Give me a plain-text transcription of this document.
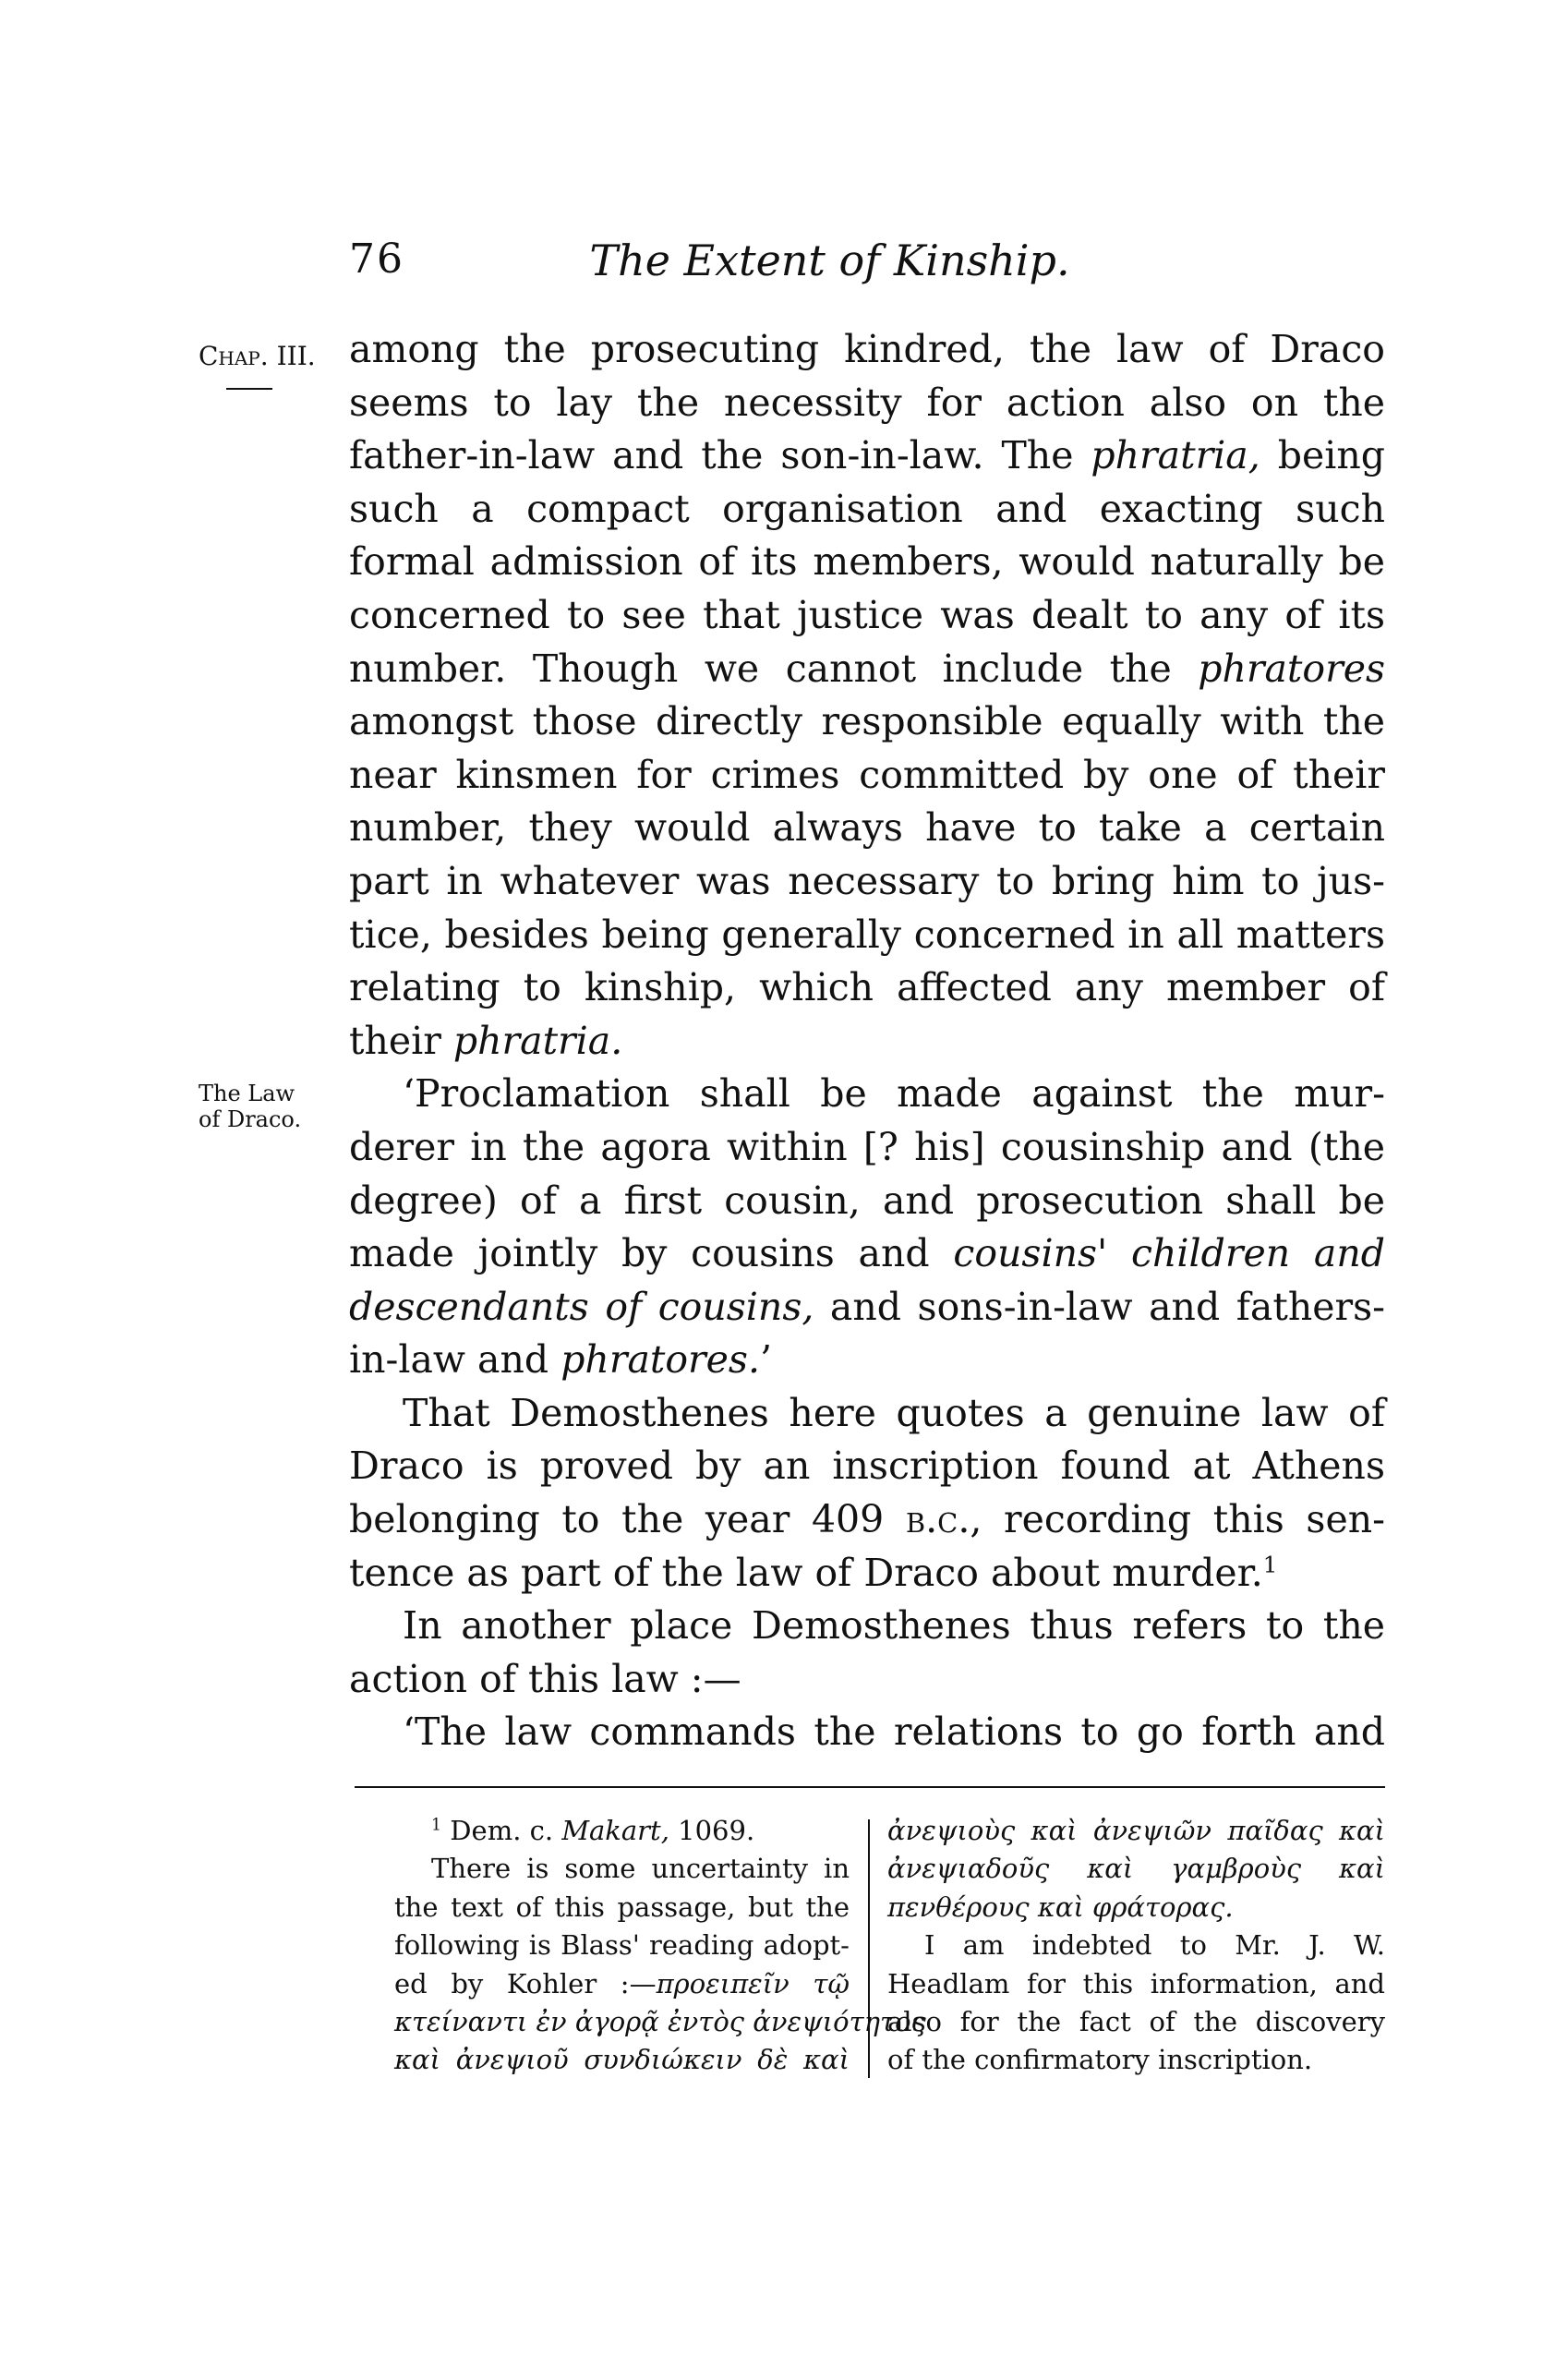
76	The Extent of Kinship.
Chap. III.
The Law
of Draco.
among the prosecuting kindred, the law of Draco
seems to lay the necessity for action also on the
father-in-law and the son-in-law. The phratria, being
such a compact organisation and exacting such
formal admission of its members, would naturally be
concerned to see that justice was dealt to any of its
number. Though we cannot include the phratores
amongst those directly responsible equally with the
near kinsmen for crimes committed by one of their
number, they would always have to take a certain
part in whatever was necessary to bring him to jus-
tice, besides being generally concerned in all matters
relating to kinship, which affected any member of
their phratria.
‘Proclamation shall be made against the mur-
derer in the agora within [? his] cousinship and (the
degree) of a first cousin, and prosecution shall be
made jointly by cousins and cousins' children and
descendants of cousins, and sons-in-law and fathers-
in-law and phratores.’
That Demosthenes here quotes a genuine law of
Draco is proved by an inscription found at Athens
belonging to the year 409 b.c., recording this sen-
tence as part of the law of Draco about murder.$^1$
In another place Demosthenes thus refers to the
action of this law :—
‘The law commands the relations to go forth and
$^1$ Dem. c. Makart, 1069.
There is some uncertainty in
the text of this passage, but the
following is Blass' reading adopt-
ed by Kohler :—προειπεῖν τῷ
κτείναντι ἐν ἀγορᾷ ἐντὸς ἀνεψιότητος
καὶ ἀνεψιοῦ συνδιώκειν δὲ καὶ
ἀνεψιοὺς καὶ ἀνεψιῶν παῖδας καὶ
ἀνεψιαδοῦς καὶ γαμβροὺς καὶ
πενθέρους καὶ φράτορας.
I am indebted to Mr. J. W.
Headlam for this information, and
also for the fact of the discovery
of the confirmatory inscription.
